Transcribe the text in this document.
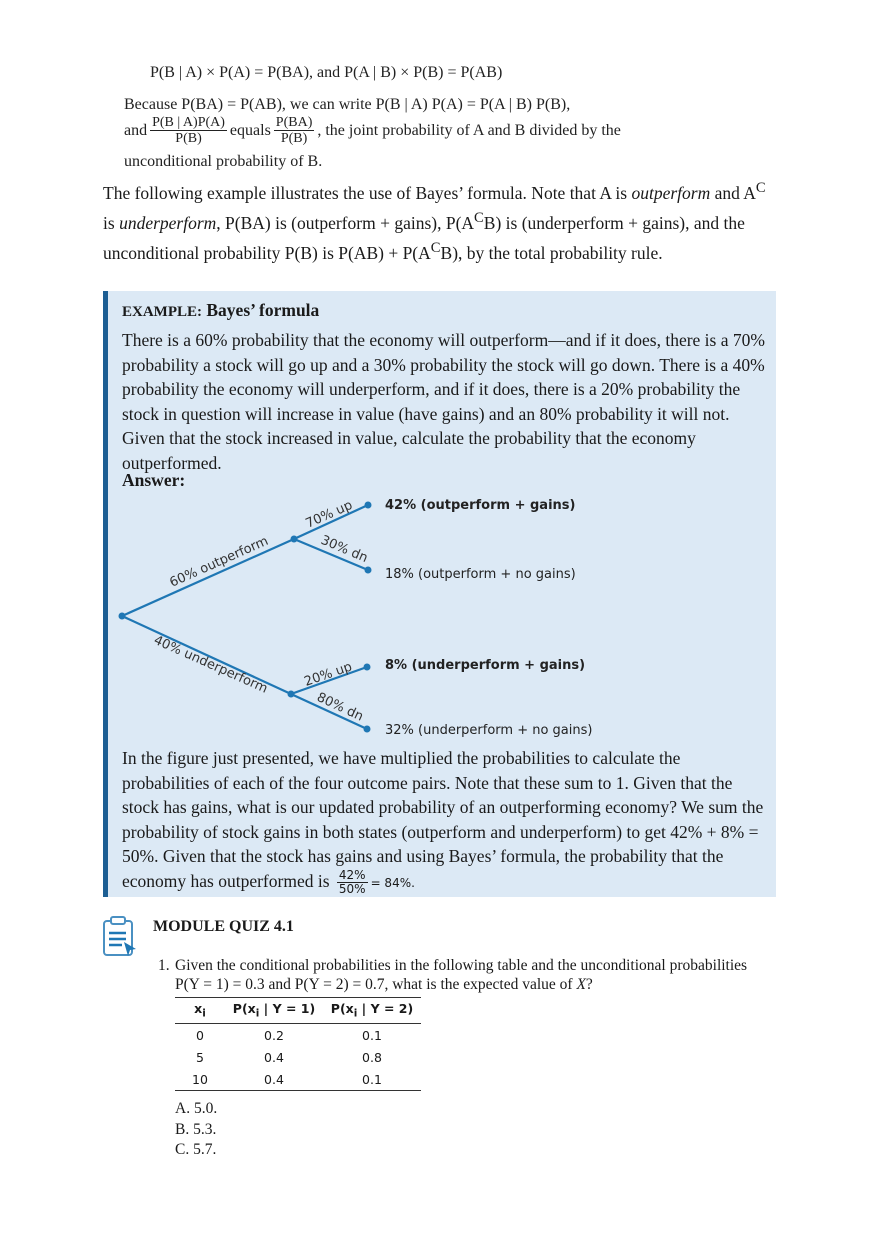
P(B | A) × P(A) = P(BA), and P(A | B) × P(B) = P(AB)
Because P(BA) = P(AB), we can write P(B | A) P(A) = P(A | B) P(B),
and $\frac{P(B | A)P(A)}{P(B)}$ equals $\frac{P(BA)}{P(B)}$ , the joint probability of A and B divided by the
unconditional probability of B.

The following example illustrates the use of Bayes’ formula. Note that A is outperform and $A^C$ is underperform, P(BA) is (outperform + gains), $P(A^CB)$ is (underperform + gains), and the unconditional probability P(B) is $P(AB) + P(A^CB)$, by the total probability rule.

EXAMPLE: Bayes’ formula
There is a 60% probability that the economy will outperform—and if it does, there is a 70% probability a stock will go up and a 30% probability the stock will go down. There is a 40% probability the economy will underperform, and if it does, there is a 20% probability the stock in question will increase in value (have gains) and an 80% probability it will not. Given that the stock increased in value, calculate the probability that the economy outperformed.
Answer:
60% outperform
40% underperform
70% up
30% dn
20% up
80% dn
42% (outperform + gains)
18% (outperform + no gains)
8% (underperform + gains)
32% (underperform + no gains)
In the figure just presented, we have multiplied the probabilities to calculate the probabilities of each of the four outcome pairs. Note that these sum to 1. Given that the stock has gains, what is our updated probability of an outperforming economy? We sum the probability of stock gains in both states (outperform and underperform) to get 42% + 8% = 50%. Given that the stock has gains and using Bayes’ formula, the probability that the economy has outperformed is $\frac{42\%}{50\%} = 84\%$.
MODULE QUIZ 4.1
1. Given the conditional probabilities in the following table and the unconditional probabilities P(Y = 1) = 0.3 and P(Y = 2) = 0.7, what is the expected value of X?
$x_i$	$P(x_i$ | Y = 1)	$P(x_i$ | Y = 2)
0	0.2	0.1
5	0.4	0.8
10	0.4	0.1
A. 5.0.
B. 5.3.
C. 5.7.
